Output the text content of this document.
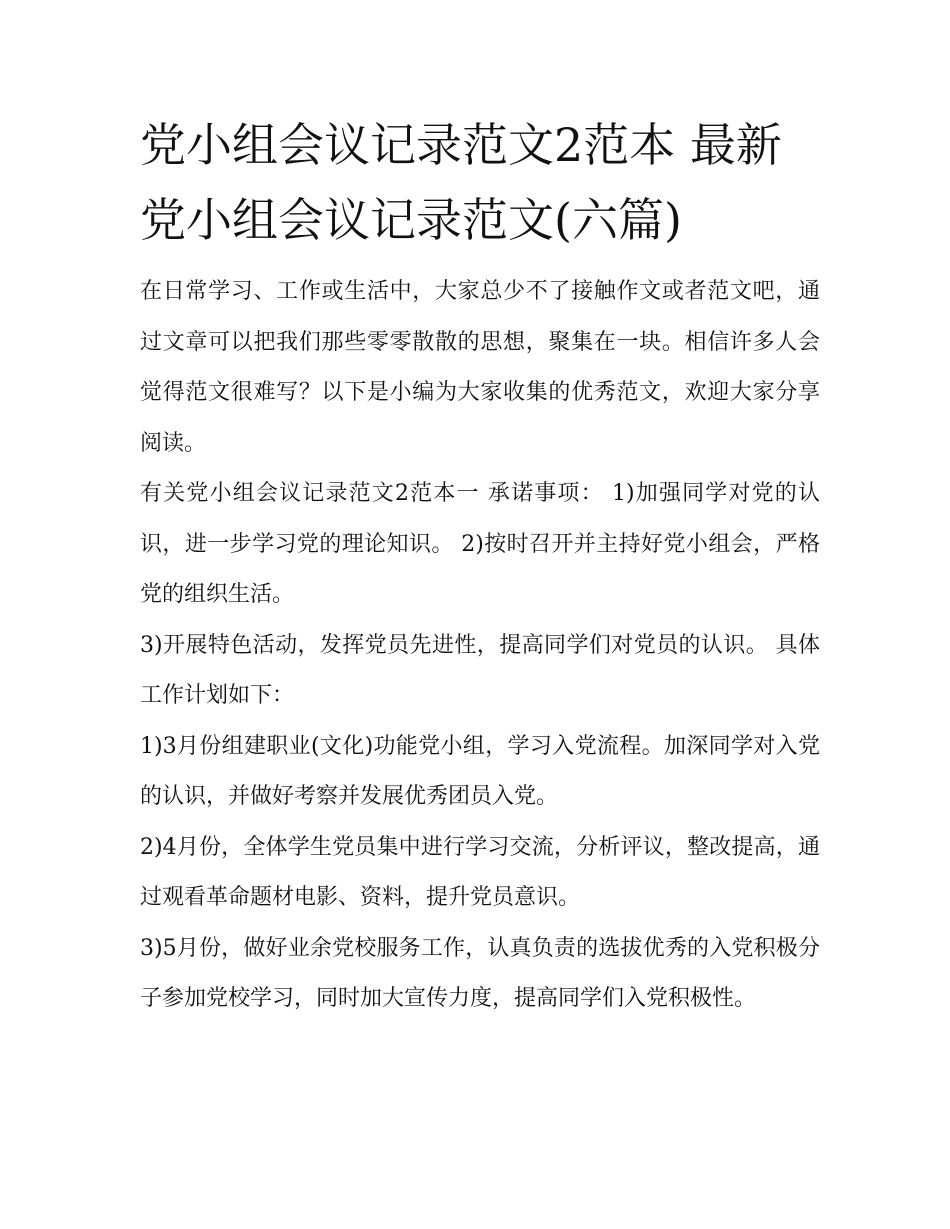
党小组会议记录范文2范本 最新党小组会议记录范文(六篇)

在日常学习、工作或生活中，大家总少不了接触作文或者范文吧，通过文章可以把我们那些零零散散的思想，聚集在一块。相信许多人会觉得范文很难写？以下是小编为大家收集的优秀范文，欢迎大家分享阅读。

有关党小组会议记录范文2范本一 承诺事项： 1)加强同学对党的认识，进一步学习党的理论知识。 2)按时召开并主持好党小组会，严格党的组织生活。

3)开展特色活动，发挥党员先进性，提高同学们对党员的认识。 具体工作计划如下：

1)3月份组建职业(文化)功能党小组，学习入党流程。加深同学对入党的认识，并做好考察并发展优秀团员入党。

2)4月份，全体学生党员集中进行学习交流，分析评议，整改提高，通过观看革命题材电影、资料，提升党员意识。

3)5月份，做好业余党校服务工作，认真负责的选拔优秀的入党积极分子参加党校学习，同时加大宣传力度，提高同学们入党积极性。
